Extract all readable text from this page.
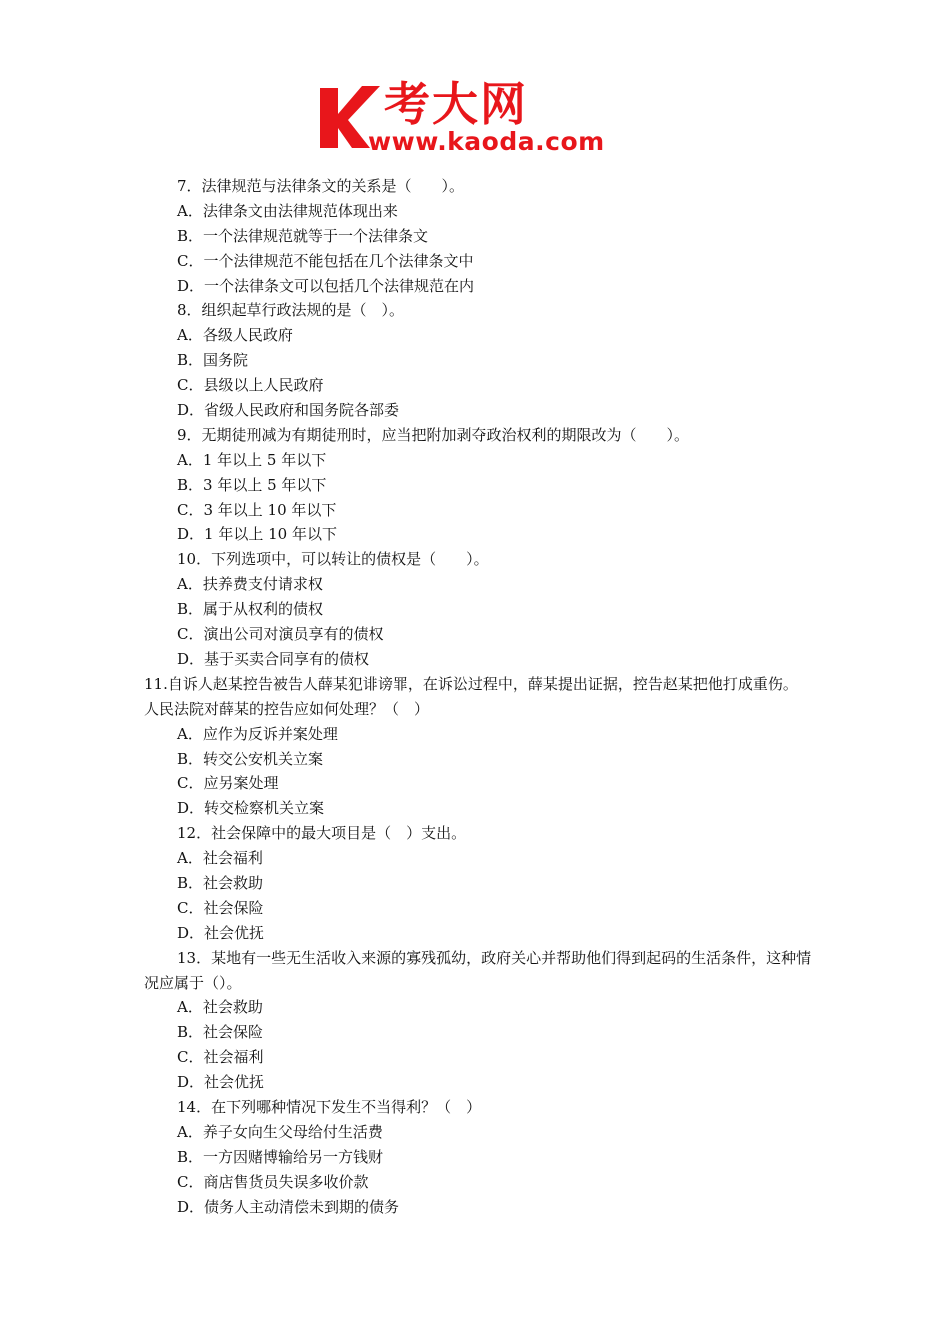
考大网
www.kaoda.com
7．法律规范与法律条文的关系是（　　）。
A．法律条文由法律规范体现出来
B．一个法律规范就等于一个法律条文
C．一个法律规范不能包括在几个法律条文中
D．一个法律条文可以包括几个法律规范在内
8．组织起草行政法规的是（　）。
A．各级人民政府
B．国务院
C．县级以上人民政府
D．省级人民政府和国务院各部委
9．无期徒刑减为有期徒刑时，应当把附加剥夺政治权利的期限改为（　　）。
A．1 年以上 5 年以下
B．3 年以上 5 年以下
C．3 年以上 10 年以下
D．1 年以上 10 年以下
10．下列选项中，可以转让的债权是（　　）。
A．扶养费支付请求权
B．属于从权利的债权
C．演出公司对演员享有的债权
D．基于买卖合同享有的债权
11.自诉人赵某控告被告人薛某犯诽谤罪，在诉讼过程中，薛某提出证据，控告赵某把他打成重伤。人民法院对薛某的控告应如何处理？（　）
A．应作为反诉并案处理
B．转交公安机关立案
C．应另案处理
D．转交检察机关立案
12．社会保障中的最大项目是（　）支出。
A．社会福利
B．社会救助
C．社会保险
D．社会优抚
13．某地有一些无生活收入来源的寡残孤幼，政府关心并帮助他们得到起码的生活条件，这种情况应属于（）。
A．社会救助
B．社会保险
C．社会福利
D．社会优抚
14．在下列哪种情况下发生不当得利？（　）
A．养子女向生父母给付生活费
B．一方因赌博输给另一方钱财
C．商店售货员失误多收价款
D．债务人主动清偿未到期的债务
